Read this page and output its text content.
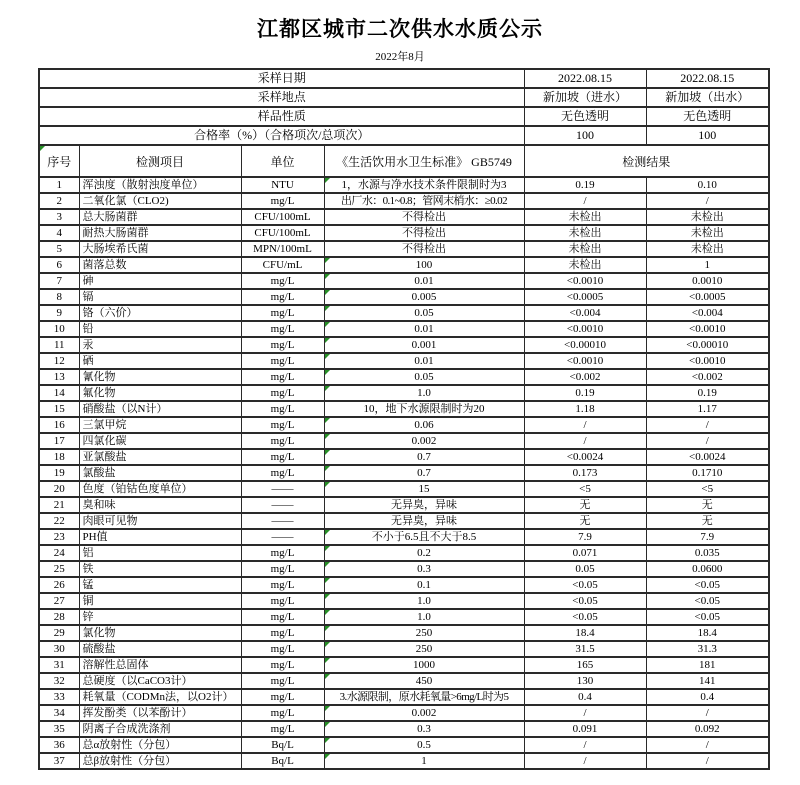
江都区城市二次供水水质公示
2022年8月
采样日期				2022.08.15	2022.08.15
采样地点				新加坡（进水）	新加坡（出水）
样品性质				无色透明	无色透明
合格率（%）（合格项次/总项次）				100	100

序号	检测项目	单位	《生活饮用水卫生标准》 GB5749	检测结果	
1	浑浊度（散射浊度单位）	NTU	1，水源与净水技术条件限制时为3	0.19	0.10
2	二氧化氯（CLO2)	mg/L	出厂水：0.1~0.8；管网末梢水：≥0.02	/	/
3	总大肠菌群	CFU/100mL	不得检出	未检出	未检出
4	耐热大肠菌群	CFU/100mL	不得检出	未检出	未检出
5	大肠埃希氏菌	MPN/100mL	不得检出	未检出	未检出
6	菌落总数	CFU/mL	100	未检出	1
7	砷	mg/L	0.01	<0.0010	0.0010
8	镉	mg/L	0.005	<0.0005	<0.0005
9	铬（六价）	mg/L	0.05	<0.004	<0.004
10	铅	mg/L	0.01	<0.0010	<0.0010
11	汞	mg/L	0.001	<0.00010	<0.00010
12	硒	mg/L	0.01	<0.0010	<0.0010
13	氰化物	mg/L	0.05	<0.002	<0.002
14	氟化物	mg/L	1.0	0.19	0.19
15	硝酸盐（以N计）	mg/L	10，地下水源限制时为20	1.18	1.17
16	三氯甲烷	mg/L	0.06	/	/
17	四氯化碳	mg/L	0.002	/	/
18	亚氯酸盐	mg/L	0.7	<0.0024	<0.0024
19	氯酸盐	mg/L	0.7	0.173	0.1710
20	色度（铂钴色度单位）	——	15	<5	<5
21	臭和味	——	无异臭，异味	无	无
22	肉眼可见物	——	无异臭，异味	无	无
23	PH值	——	不小于6.5且不大于8.5	7.9	7.9
24	铝	mg/L	0.2	0.071	0.035
25	铁	mg/L	0.3	0.05	0.0600
26	锰	mg/L	0.1	<0.05	<0.05
27	铜	mg/L	1.0	<0.05	<0.05
28	锌	mg/L	1.0	<0.05	<0.05
29	氯化物	mg/L	250	18.4	18.4
30	硫酸盐	mg/L	250	31.5	31.3
31	溶解性总固体	mg/L	1000	165	181
32	总硬度（以CaCO3计）	mg/L	450	130	141
33	耗氧量（CODMn法，以O2计）	mg/L	3.水源限制，原水耗氧量>6mg/L时为5	0.4	0.4
34	挥发酚类（以苯酚计）	mg/L	0.002	/	/
35	阴离子合成洗涤剂	mg/L	0.3	0.091	0.092
36	总α放射性（分包）	Bq/L	0.5	/	/
37	总β放射性（分包）	Bq/L	1	/	/
